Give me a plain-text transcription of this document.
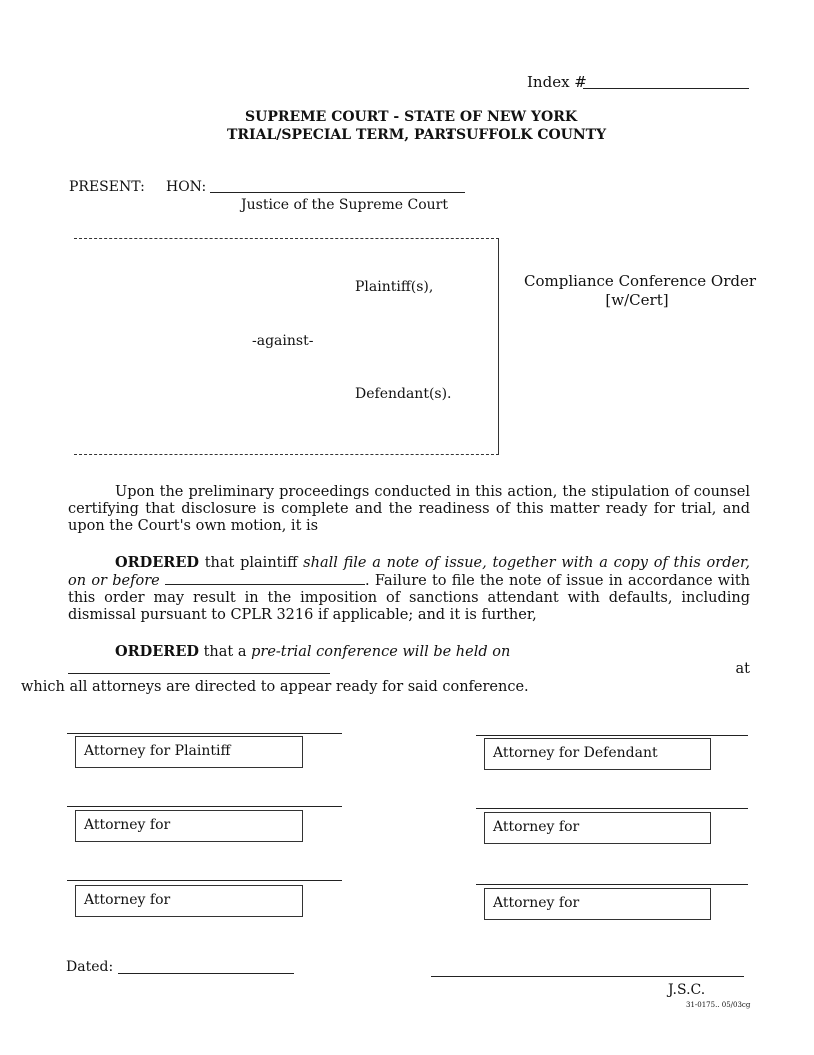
Index #
SUPREME COURT - STATE OF NEW YORK
TRIAL/SPECIAL TERM, PART
: SUFFOLK COUNTY
PRESENT: HON:
Justice of the Supreme Court
Plaintiff(s),
-against-
Defendant(s).
Compliance Conference Order
[w/Cert]
Upon the preliminary proceedings conducted in this action, the stipulation of counsel certifying that disclosure is complete and the readiness of this matter ready for trial, and upon the Court's own motion, it is
ORDERED that plaintiff shall file a note of issue, together with a copy of this order, on or before	. Failure to file the note of issue in accordance with this order may result in the imposition of sanctions attendant with defaults, including dismissal pursuant to CPLR 3216 if applicable; and it is further,
ORDERED that a pre-trial conference will be held on
at

which all attorneys are directed to appear ready for said conference.
Attorney for Plaintiff
Attorney for
Attorney for
Attorney for Defendant
Attorney for
Attorney for
Dated:
J.S.C.
31-0175.. 05/03cg
